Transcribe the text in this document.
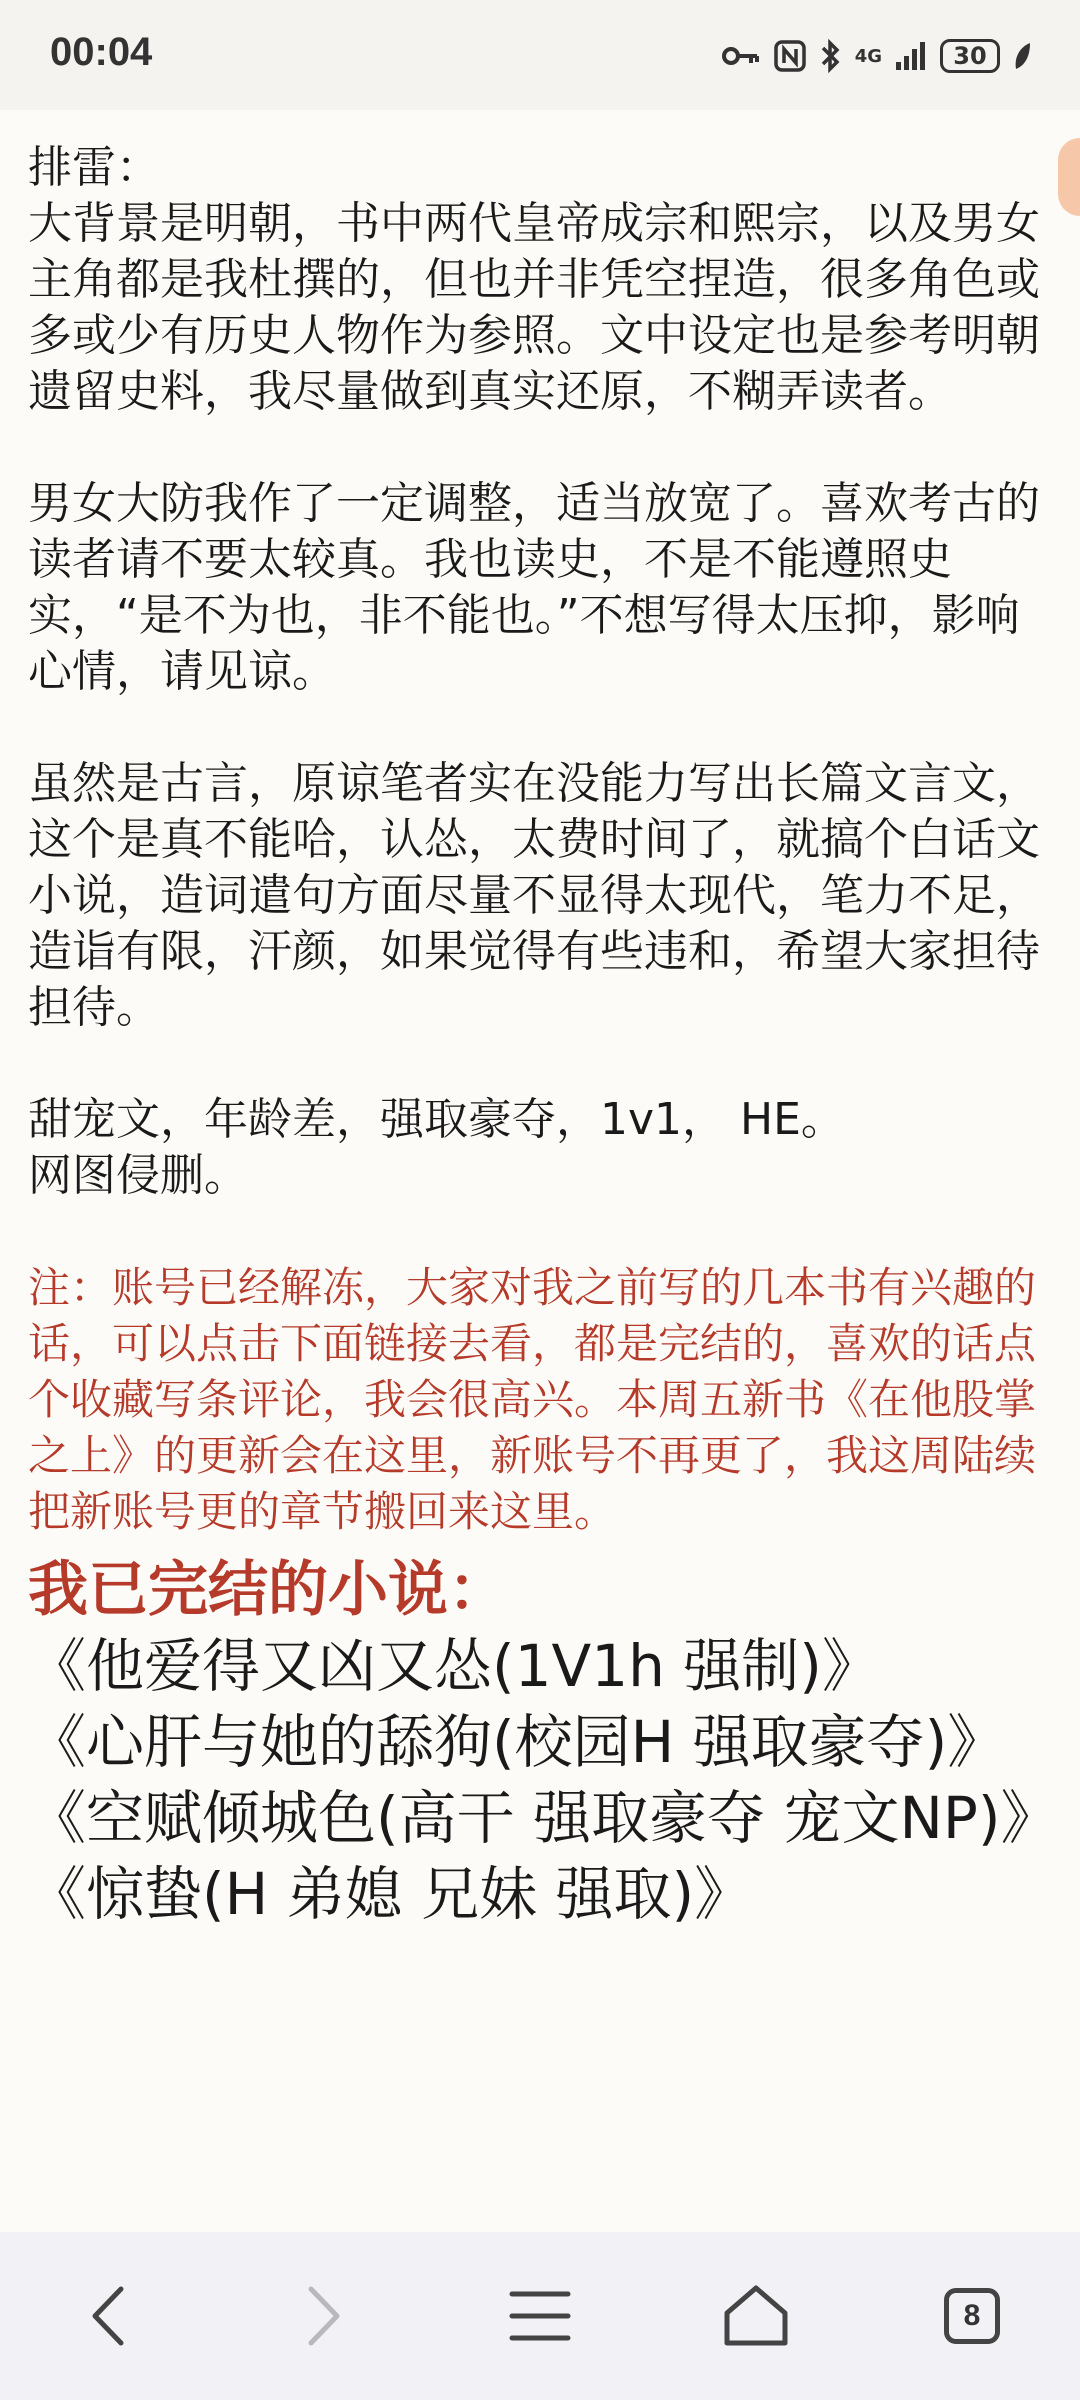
00:04	4G	30

排雷：
大背景是明朝，书中两代皇帝成宗和熙宗，以及男女主角都是我杜撰的，但也并非凭空捏造，很多角色或多或少有历史人物作为参照。文中设定也是参考明朝遗留史料，我尽量做到真实还原，不糊弄读者。

男女大防我作了一定调整，适当放宽了。喜欢考古的读者请不要太较真。我也读史，不是不能遵照史实，“是不为也，非不能也。”不想写得太压抑，影响心情，请见谅。

虽然是古言，原谅笔者实在没能力写出长篇文言文，这个是真不能哈，认怂，太费时间了，就搞个白话文小说，造词遣句方面尽量不显得太现代，笔力不足，造诣有限，汗颜，如果觉得有些违和，希望大家担待担待。

甜宠文，年龄差，强取豪夺，1v1， HE。
网图侵删。

注：账号已经解冻，大家对我之前写的几本书有兴趣的话，可以点击下面链接去看，都是完结的，喜欢的话点个收藏写条评论，我会很高兴。本周五新书《在他股掌之上》的更新会在这里，新账号不再更了，我这周陆续把新账号更的章节搬回来这里。

我已完结的小说：

《他爱得又凶又怂(1V1h 强制)》
《心肝与她的舔狗(校园H 强取豪夺)》
《空赋倾城色(高干 强取豪夺 宠文NP)》
《惊蛰(H 弟媳 兄妹 强取)》
8
